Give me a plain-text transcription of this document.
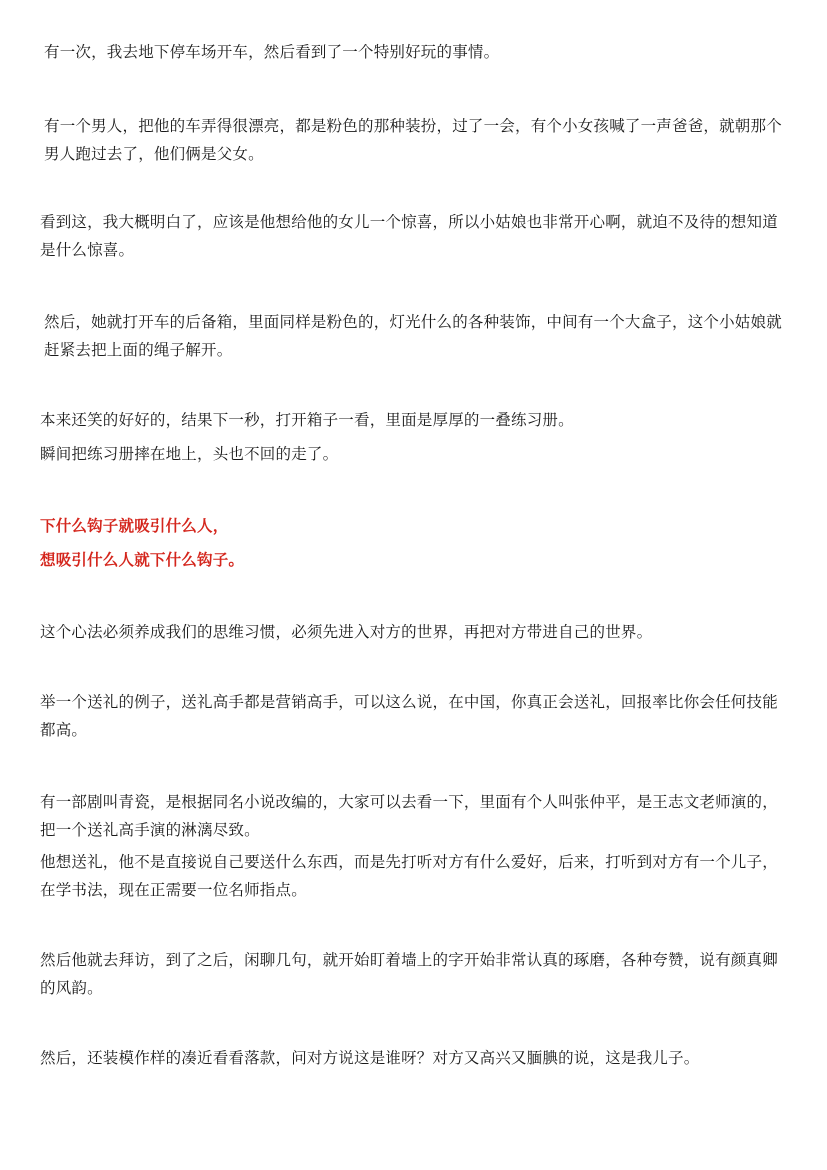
有一次，我去地下停车场开车，然后看到了一个特别好玩的事情。

有一个男人，把他的车弄得很漂亮，都是粉色的那种装扮，过了一会，有个小女孩喊了一声爸爸，就朝那个男人跑过去了，他们俩是父女。

看到这，我大概明白了，应该是他想给他的女儿一个惊喜，所以小姑娘也非常开心啊，就迫不及待的想知道是什么惊喜。

然后，她就打开车的后备箱，里面同样是粉色的，灯光什么的各种装饰，中间有一个大盒子，这个小姑娘就赶紧去把上面的绳子解开。

本来还笑的好好的，结果下一秒，打开箱子一看，里面是厚厚的一叠练习册。

瞬间把练习册摔在地上，头也不回的走了。

下什么钩子就吸引什么人，

想吸引什么人就下什么钩子。

这个心法必须养成我们的思维习惯，必须先进入对方的世界，再把对方带进自己的世界。

举一个送礼的例子，送礼高手都是营销高手，可以这么说，在中国，你真正会送礼，回报率比你会任何技能都高。

有一部剧叫青瓷，是根据同名小说改编的，大家可以去看一下，里面有个人叫张仲平，是王志文老师演的，把一个送礼高手演的淋漓尽致。

他想送礼，他不是直接说自己要送什么东西，而是先打听对方有什么爱好，后来，打听到对方有一个儿子，在学书法，现在正需要一位名师指点。

然后他就去拜访，到了之后，闲聊几句，就开始盯着墙上的字开始非常认真的琢磨，各种夸赞，说有颜真卿的风韵。

然后，还装模作样的凑近看看落款，问对方说这是谁呀？对方又高兴又腼腆的说，这是我儿子。
